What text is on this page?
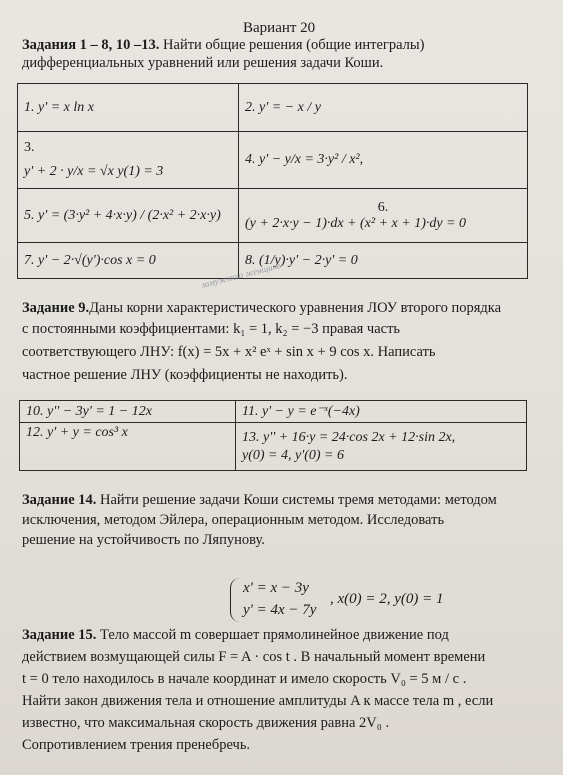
Вариант 20
Задания 1 – 8, 10 –13. Найти общие решения (общие интегралы)
дифференциальных уравнений или решения задачи Коши.
1. y' = x ln x	2. y' = − x / y

3.
y' + 2 · y/x = √x y(1) = 3	4. y' − y/x = 3·y² / x²,
5. y' = (3·y² + 4·x·y) / (2·x² + 2·x·y)	6.
(y + 2·x·y − 1)·dx + (x² + x + 1)·dy = 0

7. y' − 2·√(y')·cos x = 0	8. (1/y)·y' − 2·y' = 0
замужнюю женщине
Задание 9.Даны корни характеристического уравнения ЛОУ второго порядка
с постоянными коэффициентами: k₁ = 1, k₂ = −3 правая часть
соответствующего ЛНУ: f(x) = 5x + x² eˣ + sin x + 9 cos x. Написать
частное решение ЛНУ (коэффициенты не находить).
10. y'' − 3y' = 1 − 12x	11. y' − y = e⁻ˣ(−4x)
12. y' + y = cos³ x	13. y'' + 16·y = 24·cos 2x + 12·sin 2x,
y(0) = 4, y'(0) = 6
Задание 14. Найти решение задачи Коши системы тремя методами: методом
исключения, методом Эйлера, операционным методом. Исследовать
решение на устойчивость по Ляпунову.
x' = x − 3y
y' = 4x − 7y
, x(0) = 2, y(0) = 1
Задание 15. Тело массой m совершает прямолинейное движение под
действием возмущающей силы F = A · cos t . В начальный момент времени
t = 0 тело находилось в начале координат и имело скорость V₀ = 5 м / c .
Найти закон движения тела и отношение амплитуды A к массе тела m , если
известно, что максимальная скорость движения равна 2V₀ .
Сопротивлением трения пренебречь.
